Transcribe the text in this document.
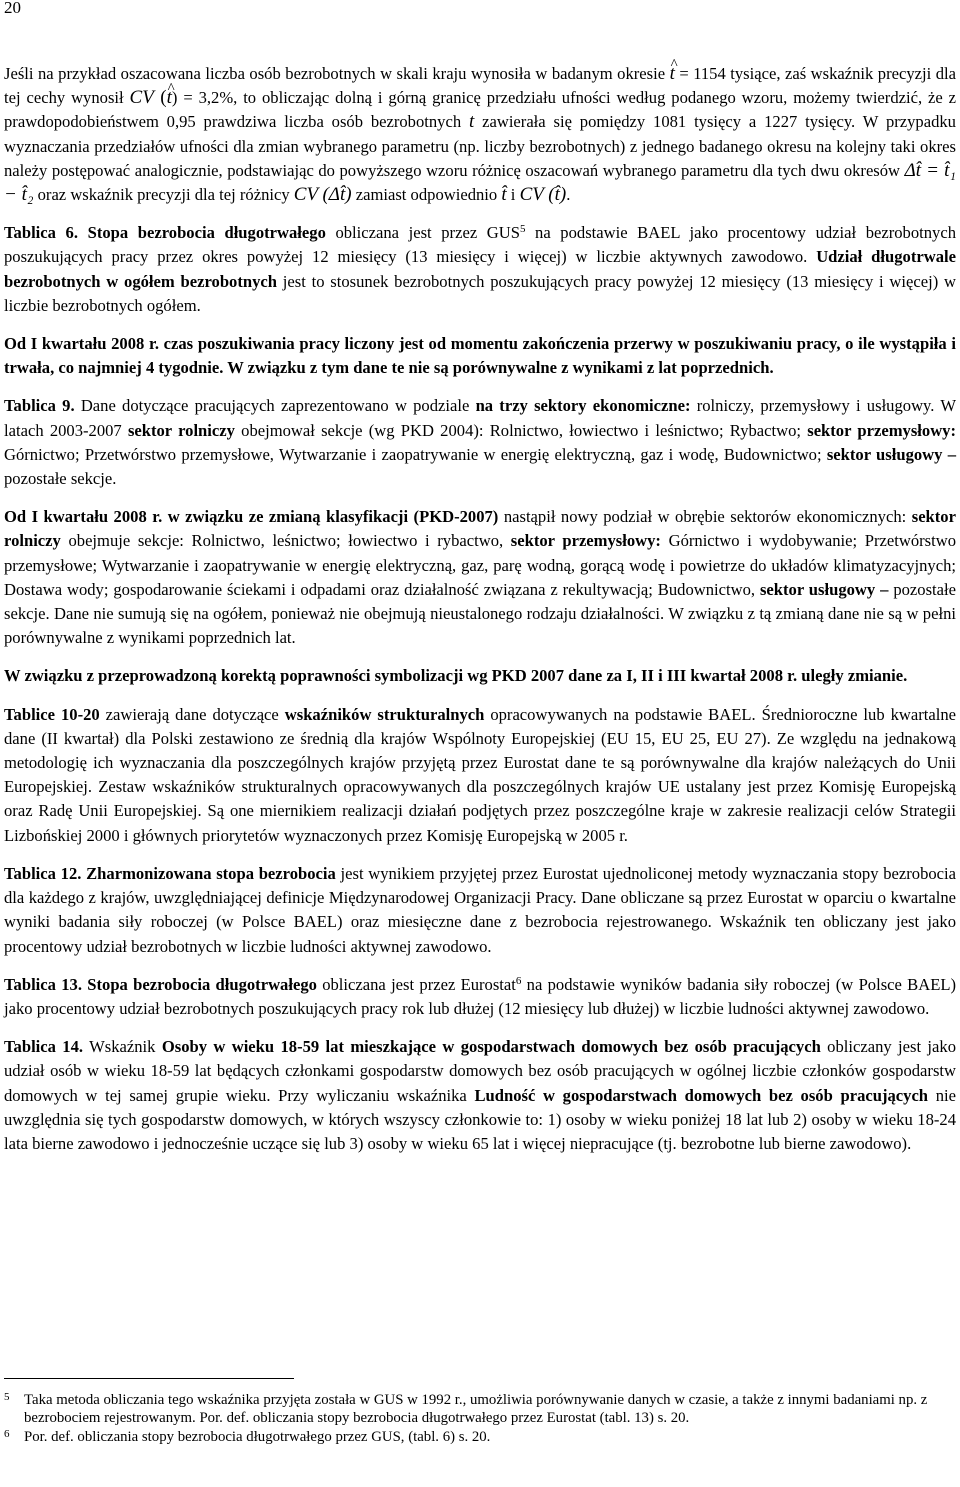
20

Jeśli na przykład oszacowana liczba osób bezrobotnych w skali kraju wynosiła w badanym okresie ^ t = 1154 tysiące, zaś wskaźnik precyzji dla tej cechy wynosił CV (^ t) = 3,2%, to obliczając dolną i górną granicę przedziału ufności według podanego wzoru, możemy twierdzić, że z prawdopodobieństwem 0,95 prawdziwa liczba osób bezrobotnych t zawierała się pomiędzy 1081 tysięcy a 1227 tysięcy. W przypadku wyznaczania przedziałów ufności dla zmian wybranego parametru (np. liczby bezrobotnych) z jednego badanego okresu na kolejny taki okres należy postępować analogicznie, podstawiając do powyższego wzoru różnicę oszacowań wybranego parametru dla tych dwu okresów Δt̂ = t̂₁ − t̂₂ oraz wskaźnik precyzji dla tej różnicy CV (Δt̂) zamiast odpowiednio t̂ i CV (t̂).

Tablica 6. Stopa bezrobocia długotrwałego obliczana jest przez GUS$^5$ na podstawie BAEL jako procentowy udział bezrobotnych poszukujących pracy przez okres powyżej 12 miesięcy (13 miesięcy i więcej) w liczbie aktywnych zawodowo. Udział długotrwale bezrobotnych w ogółem bezrobotnych jest to stosunek bezrobotnych poszukujących pracy powyżej 12 miesięcy (13 miesięcy i więcej) w liczbie bezrobotnych ogółem.

Od I kwartału 2008 r. czas poszukiwania pracy liczony jest od momentu zakończenia przerwy w poszukiwaniu pracy, o ile wystąpiła i trwała, co najmniej 4 tygodnie. W związku z tym dane te nie są porównywalne z wynikami z lat poprzednich.

Tablica 9. Dane dotyczące pracujących zaprezentowano w podziale na trzy sektory ekonomiczne: rolniczy, przemysłowy i usługowy. W latach 2003-2007 sektor rolniczy obejmował sekcje (wg PKD 2004): Rolnictwo, łowiectwo i leśnictwo; Rybactwo; sektor przemysłowy: Górnictwo; Przetwórstwo przemysłowe, Wytwarzanie i zaopatrywanie w energię elektryczną, gaz i wodę, Budownictwo; sektor usługowy – pozostałe sekcje.

Od I kwartału 2008 r. w związku ze zmianą klasyfikacji (PKD-2007) nastąpił nowy podział w obrębie sektorów ekonomicznych: sektor rolniczy obejmuje sekcje: Rolnictwo, leśnictwo; łowiectwo i rybactwo, sektor przemysłowy: Górnictwo i wydobywanie; Przetwórstwo przemysłowe; Wytwarzanie i zaopatrywanie w energię elektryczną, gaz, parę wodną, gorącą wodę i powietrze do układów klimatyzacyjnych; Dostawa wody; gospodarowanie ściekami i odpadami oraz działalność związana z rekultywacją; Budownictwo, sektor usługowy – pozostałe sekcje. Dane nie sumują się na ogółem, ponieważ nie obejmują nieustalonego rodzaju działalności. W związku z tą zmianą dane nie są w pełni porównywalne z wynikami poprzednich lat.

W związku z przeprowadzoną korektą poprawności symbolizacji wg PKD 2007 dane za I, II i III kwartał 2008 r. uległy zmianie.

Tablice 10-20 zawierają dane dotyczące wskaźników strukturalnych opracowywanych na podstawie BAEL. Średnioroczne lub kwartalne dane (II kwartał) dla Polski zestawiono ze średnią dla krajów Wspólnoty Europejskiej (EU 15, EU 25, EU 27). Ze względu na jednakową metodologię ich wyznaczania dla poszczególnych krajów przyjętą przez Eurostat dane te są porównywalne dla krajów należących do Unii Europejskiej. Zestaw wskaźników strukturalnych opracowywanych dla poszczególnych krajów UE ustalany jest przez Komisję Europejską oraz Radę Unii Europejskiej. Są one miernikiem realizacji działań podjętych przez poszczególne kraje w zakresie realizacji celów Strategii Lizbońskiej 2000 i głównych priorytetów wyznaczonych przez Komisję Europejską w 2005 r.

Tablica 12. Zharmonizowana stopa bezrobocia jest wynikiem przyjętej przez Eurostat ujednoliconej metody wyznaczania stopy bezrobocia dla każdego z krajów, uwzględniającej definicje Międzynarodowej Organizacji Pracy. Dane obliczane są przez Eurostat w oparciu o kwartalne wyniki badania siły roboczej (w Polsce BAEL) oraz miesięczne dane z bezrobocia rejestrowanego. Wskaźnik ten obliczany jest jako procentowy udział bezrobotnych w liczbie ludności aktywnej zawodowo.

Tablica 13. Stopa bezrobocia długotrwałego obliczana jest przez Eurostat$^6$ na podstawie wyników badania siły roboczej (w Polsce BAEL) jako procentowy udział bezrobotnych poszukujących pracy rok lub dłużej (12 miesięcy lub dłużej) w liczbie ludności aktywnej zawodowo.

Tablica 14. Wskaźnik Osoby w wieku 18-59 lat mieszkające w gospodarstwach domowych bez osób pracujących obliczany jest jako udział osób w wieku 18-59 lat będących członkami gospodarstw domowych bez osób pracujących w ogólnej liczbie członków gospodarstw domowych w tej samej grupie wieku. Przy wyliczaniu wskaźnika Ludność w gospodarstwach domowych bez osób pracujących nie uwzględnia się tych gospodarstw domowych, w których wszyscy członkowie to: 1) osoby w wieku poniżej 18 lat lub 2) osoby w wieku 18-24 lata bierne zawodowo i jednocześnie uczące się lub 3) osoby w wieku 65 lat i więcej niepracujące (tj. bezrobotne lub bierne zawodowo).

5 Taka metoda obliczania tego wskaźnika przyjęta została w GUS w 1992 r., umożliwia porównywanie danych w czasie, a także z innymi badaniami np. z bezrobociem rejestrowanym. Por. def. obliczania stopy bezrobocia długotrwałego przez Eurostat (tabl. 13) s. 20.

6 Por. def. obliczania stopy bezrobocia długotrwałego przez GUS, (tabl. 6) s. 20.
